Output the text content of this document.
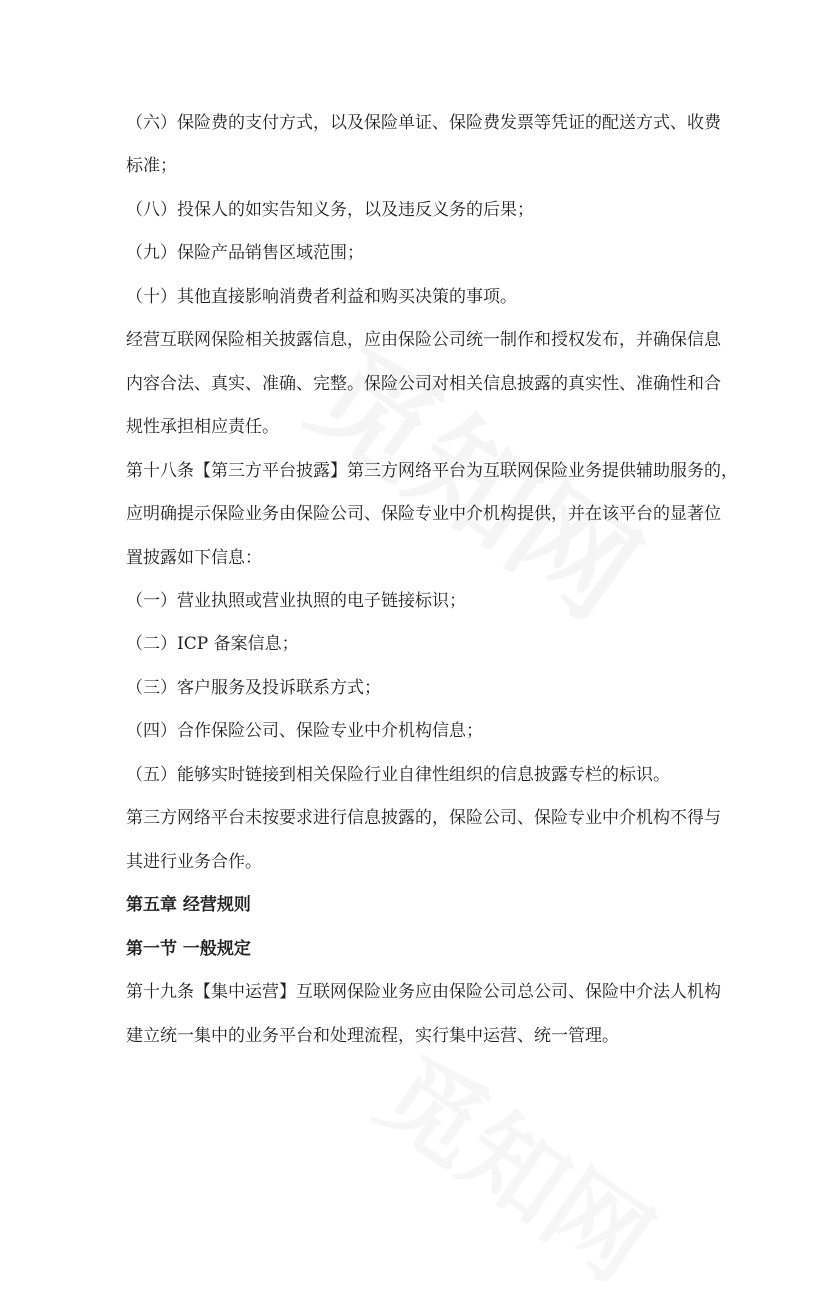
（六）保险费的支付方式，以及保险单证、保险费发票等凭证的配送方式、收费
标准；
（八）投保人的如实告知义务，以及违反义务的后果；
（九）保险产品销售区域范围；
（十）其他直接影响消费者利益和购买决策的事项。
经营互联网保险相关披露信息，应由保险公司统一制作和授权发布，并确保信息
内容合法、真实、准确、完整。保险公司对相关信息披露的真实性、准确性和合
规性承担相应责任。
第十八条【第三方平台披露】第三方网络平台为互联网保险业务提供辅助服务的，
应明确提示保险业务由保险公司、保险专业中介机构提供，并在该平台的显著位
置披露如下信息：
（一）营业执照或营业执照的电子链接标识；
（二）ICP 备案信息；
（三）客户服务及投诉联系方式；
（四）合作保险公司、保险专业中介机构信息；
（五）能够实时链接到相关保险行业自律性组织的信息披露专栏的标识。
第三方网络平台未按要求进行信息披露的，保险公司、保险专业中介机构不得与
其进行业务合作。
第五章 经营规则
第一节 一般规定
第十九条【集中运营】互联网保险业务应由保险公司总公司、保险中介法人机构
建立统一集中的业务平台和处理流程，实行集中运营、统一管理。
